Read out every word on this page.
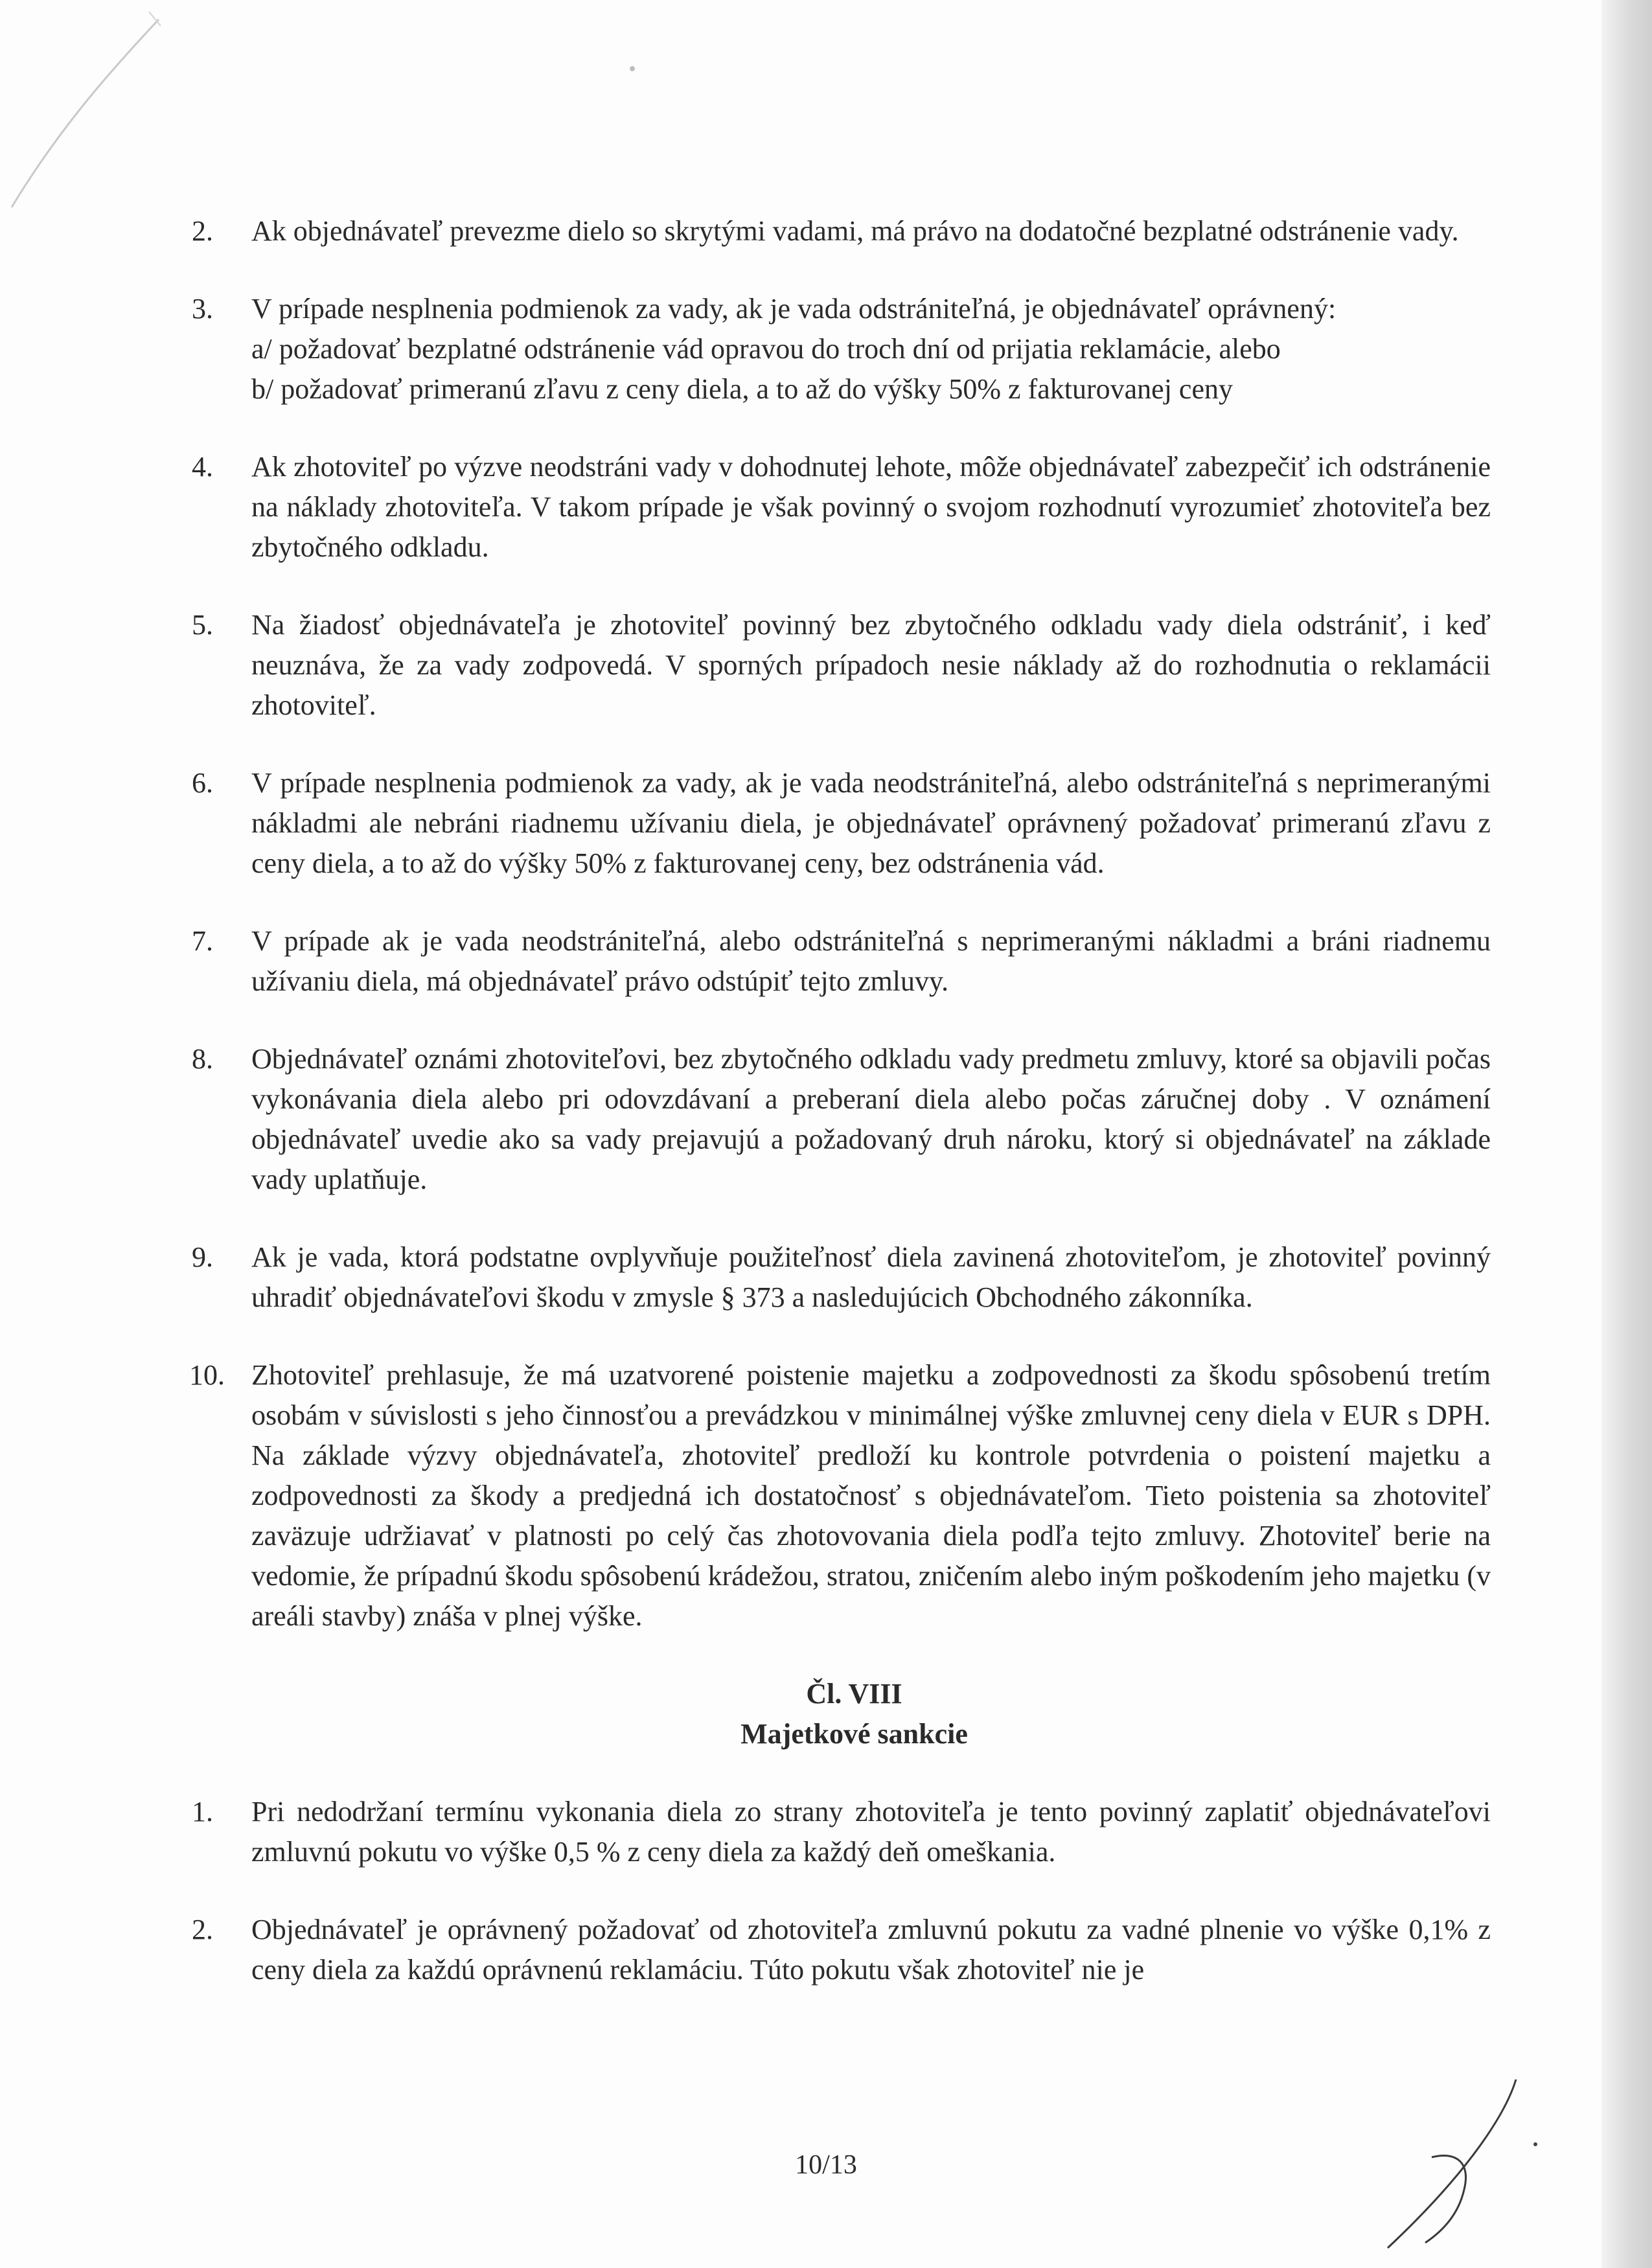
2.	Ak objednávateľ prevezme dielo so skrytými vadami, má právo na dodatočné bezplatné odstránenie vady.

3.	V prípade nesplnenia podmienok za vady, ak je vada odstrániteľná, je objednávateľ oprávnený:

a/ požadovať bezplatné odstránenie vád opravou do troch dní od prijatia reklamácie, alebo
b/ požadovať primeranú zľavu z ceny diela, a to až do výšky 50% z fakturovanej ceny
4.	Ak zhotoviteľ po výzve neodstráni vady v dohodnutej lehote, môže objednávateľ zabezpečiť ich odstránenie na náklady zhotoviteľa. V takom prípade je však povinný o svojom rozhodnutí vyrozumieť zhotoviteľa bez zbytočného odkladu.

5.	Na žiadosť objednávateľa je zhotoviteľ povinný bez zbytočného odkladu vady diela odstrániť, i keď neuznáva, že za vady zodpovedá. V sporných prípadoch nesie náklady až do rozhodnutia o reklamácii zhotoviteľ.

6.	V prípade nesplnenia podmienok za vady, ak je vada neodstrániteľná, alebo odstrániteľná s neprimeranými nákladmi ale nebráni riadnemu užívaniu diela, je objednávateľ oprávnený požadovať primeranú zľavu z ceny diela, a to až do výšky 50% z fakturovanej ceny, bez odstránenia vád.

7.	V prípade ak je vada neodstrániteľná, alebo odstrániteľná s neprimeranými nákladmi a bráni riadnemu užívaniu diela, má objednávateľ právo odstúpiť tejto zmluvy.

8.	Objednávateľ oznámi zhotoviteľovi, bez zbytočného odkladu vady predmetu zmluvy, ktoré sa objavili počas vykonávania diela alebo pri odovzdávaní a preberaní diela alebo počas záručnej doby . V oznámení objednávateľ uvedie ako sa vady prejavujú a požadovaný druh nároku, ktorý si objednávateľ na základe vady uplatňuje.

9.	Ak je vada, ktorá podstatne ovplyvňuje použiteľnosť diela zavinená zhotoviteľom, je zhotoviteľ povinný uhradiť objednávateľovi škodu v zmysle § 373 a nasledujúcich Obchodného zákonníka.

10. Zhotoviteľ prehlasuje, že má uzatvorené poistenie majetku a zodpovednosti za škodu spôsobenú tretím osobám v súvislosti s jeho činnosťou a prevádzkou v minimálnej výške zmluvnej ceny diela v EUR s DPH. Na základe výzvy objednávateľa, zhotoviteľ predloží ku kontrole potvrdenia o poistení majetku a zodpovednosti za škody a predjedná ich dostatočnosť s objednávateľom. Tieto poistenia sa zhotoviteľ zaväzuje udržiavať v platnosti po celý čas zhotovovania diela podľa tejto zmluvy. Zhotoviteľ berie na vedomie, že prípadnú škodu spôsobenú krádežou, stratou, zničením alebo iným poškodením jeho majetku (v areáli stavby) znáša v plnej výške.

Čl. VIII
Majetkové sankcie
1.	Pri nedodržaní termínu vykonania diela zo strany zhotoviteľa je tento povinný zaplatiť objednávateľovi zmluvnú pokutu vo výške 0,5 % z ceny diela za každý deň omeškania.

2.	Objednávateľ je oprávnený požadovať od zhotoviteľa zmluvnú pokutu za vadné plnenie vo výške 0,1% z ceny diela za každú oprávnenú reklamáciu. Túto pokutu však zhotoviteľ nie je

10/13
